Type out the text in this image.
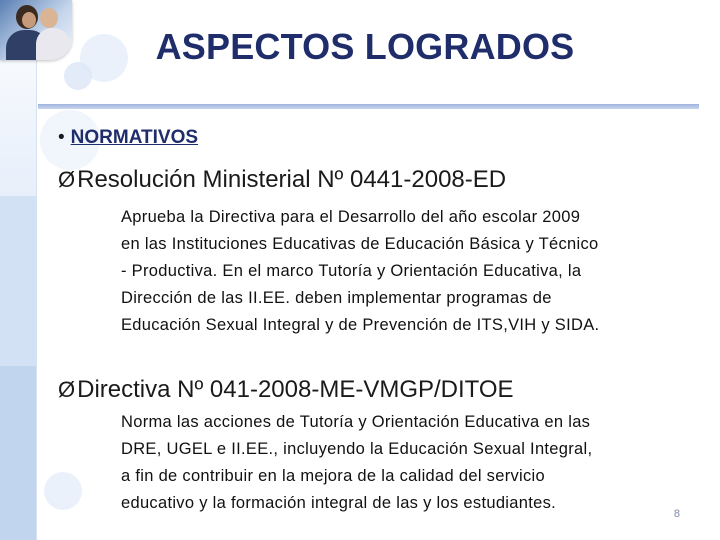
ASPECTOS LOGRADOS
• NORMATIVOS
ØResolución Ministerial Nº 0441-2008-ED
Aprueba la Directiva para el Desarrollo del año escolar 2009
en las Instituciones Educativas de Educación Básica y Técnico
- Productiva. En el marco Tutoría y Orientación Educativa, la
Dirección de las II.EE. deben implementar programas de
Educación Sexual Integral y de Prevención de ITS,VIH y SIDA.
ØDirectiva Nº 041-2008-ME-VMGP/DITOE
Norma las acciones de Tutoría y Orientación Educativa en las
DRE, UGEL e II.EE., incluyendo la Educación Sexual Integral,
a fin de contribuir en la mejora de la calidad del servicio
educativo y la formación integral de las y los estudiantes.
8
